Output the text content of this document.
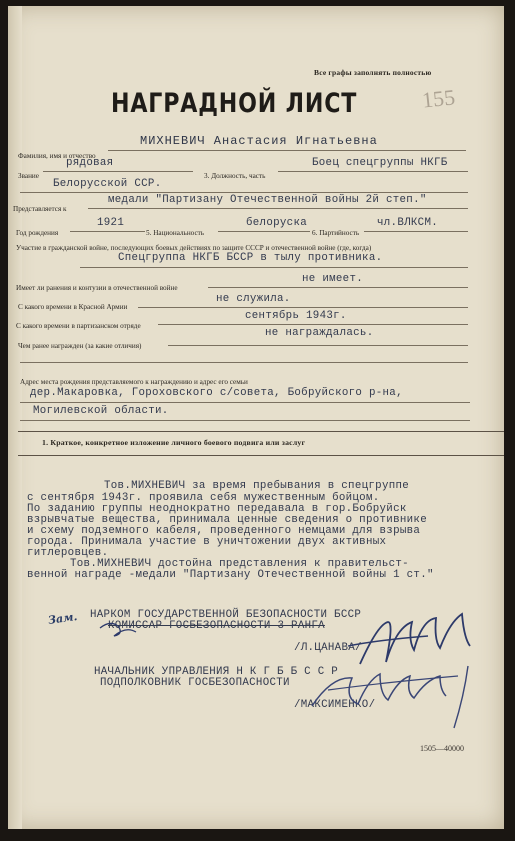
Все графы заполнять полностью
155
НАГРАДНОЙ ЛИСТ
Фамилия, имя и отчество
МИХНЕВИЧ Анастасия Игнатьевна
Звание
рядовая
3. Должность, часть
Боец спецгруппы НКГБ
Белорусской ССР.
Представляется к
медали "Партизану Отечественной войны 2й степ."
Год рождения
1921
5. Национальность
белоруска
6. Партийность
чл.ВЛКСМ.
Участие в гражданской войне, последующих боевых действиях по защите СССР и отечественной войне (где, когда)
Спецгруппа НКГБ БССР в тылу противника.
Имеет ли ранения и контузии в отечественной войне
не имеет.
С какого времени в Красной Армии
не служила.
С какого времени в партизанском отряде
сентябрь 1943г.
Чем ранее награжден (за какие отличия)
не награждалась.
Адрес места рождения представляемого к награждению и адрес его семьи
дер.Макаровка, Гороховского с/совета, Бобруйского р-на,
Могилевской области.
1. Краткое, конкретное изложение личного боевого подвига или заслуг
Тов.МИХНЕВИЧ за время пребывания в спецгруппе
с сентября 1943г. проявила себя мужественным бойцом.
По заданию группы неоднократно передавала в гор.Бобруйск
взрывчатые вещества, принимала ценные сведения о противнике
и схему подземного кабеля, проведенного немцами для взрыва
города. Принимала участие в уничтожении двух активных
гитлеровцев.
Тов.МИХНЕВИЧ достойна представления к правительст-
венной награде -медали "Партизану Отечественной войны 1 ст."
Зам. НАРКОМ ГОСУДАРСТВЕННОЙ БЕЗОПАСНОСТИ БССР
КОМИССАР ГОСБЕЗОПАСНОСТИ 3 РАНГА
/Л.ЦАНАВА/
НАЧАЛЬНИК УПРАВЛЕНИЯ Н К Г Б Б С С Р
ПОДПОЛКОВНИК ГОСБЕЗОПАСНОСТИ
/МАКСИМЕНКО/
1505—40000
